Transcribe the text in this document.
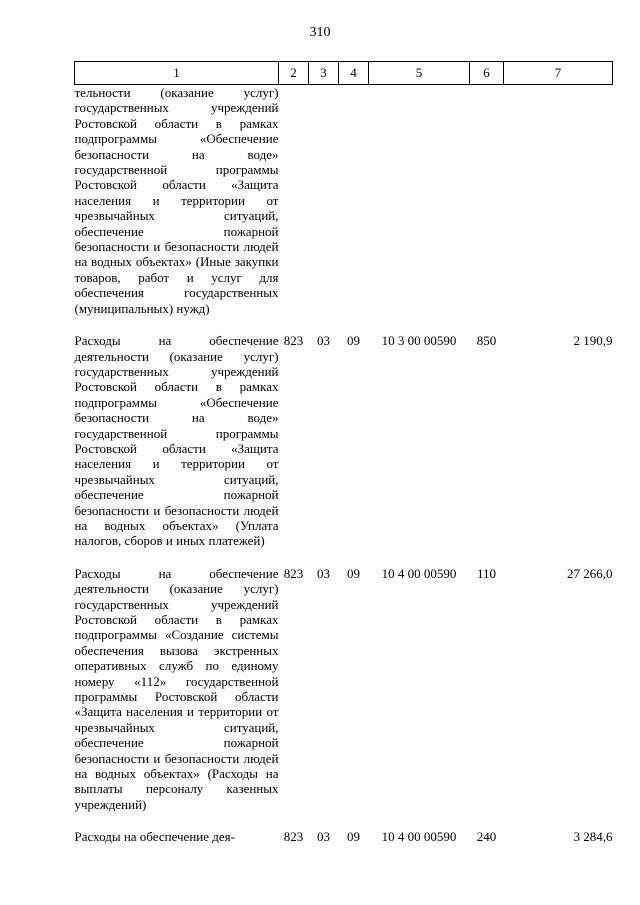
310
1	2	3	4	5	6	7
тельности (оказание услуг) государственных учреждений Ростовской области в рамках подпрограммы «Обеспечение безопасности на воде» государственной программы Ростовской области «Защита населения и территории от чрезвычайных ситуаций, обеспечение пожарной безопасности и безопасности людей на водных объектах» (Иные закупки товаров, работ и услуг для обеспечения государственных (муниципальных) нужд)						

Расходы на обеспечение деятельности (оказание услуг) государственных учреждений Ростовской области в рамках подпрограммы «Обеспечение безопасности на воде» государственной программы Ростовской области «Защита населения и территории от чрезвычайных ситуаций, обеспечение пожарной безопасности и безопасности людей на водных объектах» (Уплата налогов, сборов и иных платежей)	823	03	09	10 3 00 00590	850	2 190,9

Расходы на обеспечение деятельности (оказание услуг) государственных учреждений Ростовской области в рамках подпрограммы «Создание системы обеспечения вызова экстренных оперативных служб по единому номеру «112» государственной программы Ростовской области «Защита населения и территории от чрезвычайных ситуаций, обеспечение пожарной безопасности и безопасности людей на водных объектах» (Расходы на выплаты персоналу казенных учреждений)	823	03	09	10 4 00 00590	110	27 266,0

Расходы на обеспечение дея-	823	03	09	10 4 00 00590	240	3 284,6
